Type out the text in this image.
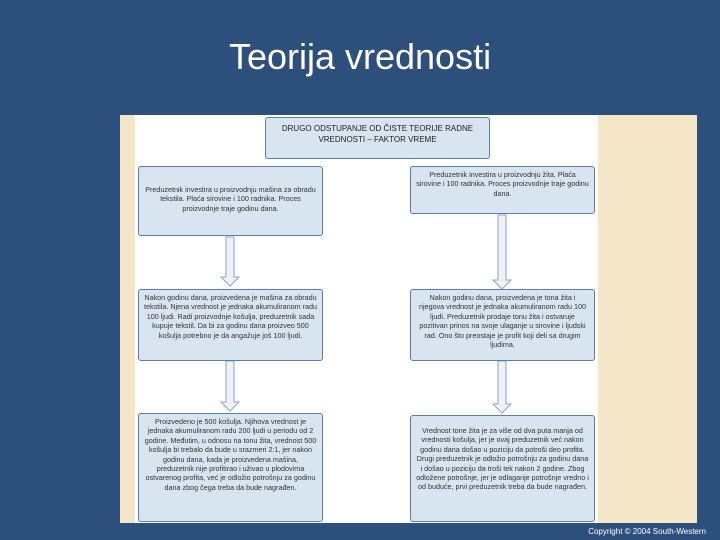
Teorija vrednosti
DRUGO ODSTUPANJE OD ČISTE TEORIJE RADNE VREDNOSTI – FAKTOR VREME
Preduzetnik investira u proizvodnju mašina za obradu tekstila. Plaća sirovine i 100 radnika. Proces proizvodnje traje godinu dana.
Nakon godinu dana, proizvedena je mašina za obradu tekstila. Njena vrednost je jednaka akumuliranom radu 100 ljudi. Radi proizvodnje košulja, preduzetnik sada kupuje tekstil. Da bi za godinu dana proizveo 500 košulja potrebno je da angažuje još 100 ljudi.
Proizvedeno je 500 košulja. Njihova vrednost je jednaka akumuliranom radu 200 ljudi u periodu od 2 godine. Međutim, u odnosu na tonu žita, vrednost 500 košulja bi trebalo da bude u srazmeri 2:1, jer nakon godinu dana, kada je proizvedena mašina, preduzetnik nije profitirao i uživao u plodovima ostvarenog profita, već je odložio potrošnju za godinu dana zbog čega treba da bude nagrađen.
Preduzetnik investira u proizvodnju žita. Plaća sirovine i 100 radnika. Proces proizvodnje traje godinu dana.
Nakon godinu dana, proizvedena je tona žita i njegova vrednost je jednaka akumuliranom radu 100 ljudi. Preduzetnik prodaje tonu žita i ostvaruje pozitivan prinos na svoje ulaganje u sirovine i ljudski rad. Ono što preostaje je profit koji deli sa drugim ljudima.
Vrednost tone žita je za više od dva puta manja od vrednosti košulja, jer je ovaj preduzetnik već nakon godinu dana došao u poziciju da potroši deo profita. Drugi preduzetnik je odložio potrošnju za godinu dana i došao u poziciju da troši tek nakon 2 godine. Zbog odložene potrošnje, jer je odlaganje potrošnje vredno i od buduće, prvi preduzetnik treba da bude nagrađen.
Copyright © 2004 South-Western
